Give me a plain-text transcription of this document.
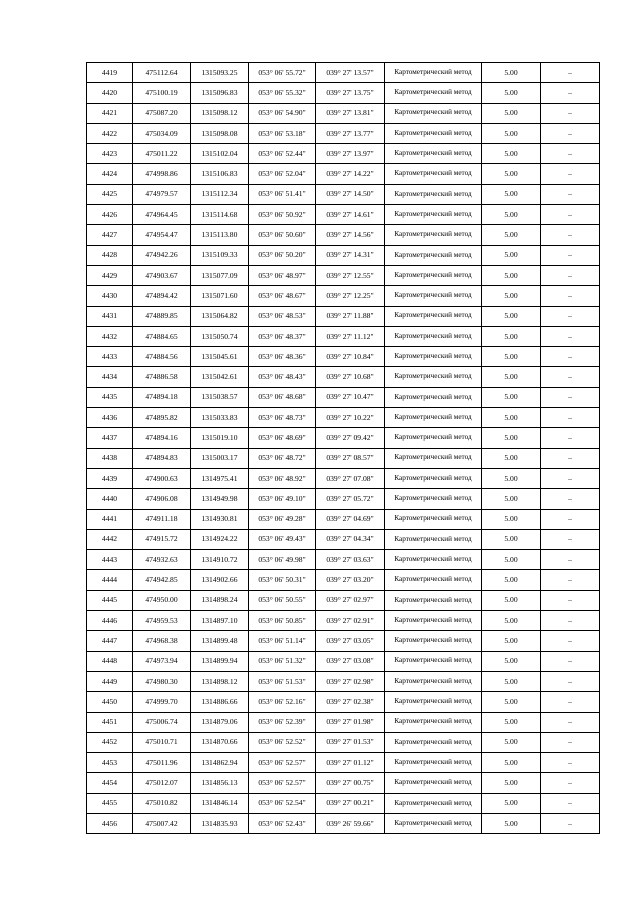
4419	475112.64	1315093.25	053° 06' 55.72"	039° 27' 13.57"	Картометрический метод	5.00	–
4420	475100.19	1315096.83	053° 06' 55.32"	039° 27' 13.75"	Картометрический метод	5.00	–
4421	475087.20	1315098.12	053° 06' 54.90"	039° 27' 13.81"	Картометрический метод	5.00	–
4422	475034.09	1315098.08	053° 06' 53.18"	039° 27' 13.77"	Картометрический метод	5.00	–
4423	475011.22	1315102.04	053° 06' 52.44"	039° 27' 13.97"	Картометрический метод	5.00	–
4424	474998.86	1315106.83	053° 06' 52.04"	039° 27' 14.22"	Картометрический метод	5.00	–
4425	474979.57	1315112.34	053° 06' 51.41"	039° 27' 14.50"	Картометрический метод	5.00	–
4426	474964.45	1315114.68	053° 06' 50.92"	039° 27' 14.61"	Картометрический метод	5.00	–
4427	474954.47	1315113.80	053° 06' 50.60"	039° 27' 14.56"	Картометрический метод	5.00	–
4428	474942.26	1315109.33	053° 06' 50.20"	039° 27' 14.31"	Картометрический метод	5.00	–
4429	474903.67	1315077.09	053° 06' 48.97"	039° 27' 12.55"	Картометрический метод	5.00	–
4430	474894.42	1315071.60	053° 06' 48.67"	039° 27' 12.25"	Картометрический метод	5.00	–
4431	474889.85	1315064.82	053° 06' 48.53"	039° 27' 11.88"	Картометрический метод	5.00	–
4432	474884.65	1315050.74	053° 06' 48.37"	039° 27' 11.12"	Картометрический метод	5.00	–
4433	474884.56	1315045.61	053° 06' 48.36"	039° 27' 10.84"	Картометрический метод	5.00	–
4434	474886.58	1315042.61	053° 06' 48.43"	039° 27' 10.68"	Картометрический метод	5.00	–
4435	474894.18	1315038.57	053° 06' 48.68"	039° 27' 10.47"	Картометрический метод	5.00	–
4436	474895.82	1315033.83	053° 06' 48.73"	039° 27' 10.22"	Картометрический метод	5.00	–
4437	474894.16	1315019.10	053° 06' 48.69"	039° 27' 09.42"	Картометрический метод	5.00	–
4438	474894.83	1315003.17	053° 06' 48.72"	039° 27' 08.57"	Картометрический метод	5.00	–
4439	474900.63	1314975.41	053° 06' 48.92"	039° 27' 07.08"	Картометрический метод	5.00	–
4440	474906.08	1314949.98	053° 06' 49.10"	039° 27' 05.72"	Картометрический метод	5.00	–
4441	474911.18	1314930.81	053° 06' 49.28"	039° 27' 04.69"	Картометрический метод	5.00	–
4442	474915.72	1314924.22	053° 06' 49.43"	039° 27' 04.34"	Картометрический метод	5.00	–
4443	474932.63	1314910.72	053° 06' 49.98"	039° 27' 03.63"	Картометрический метод	5.00	–
4444	474942.85	1314902.66	053° 06' 50.31"	039° 27' 03.20"	Картометрический метод	5.00	–
4445	474950.00	1314898.24	053° 06' 50.55"	039° 27' 02.97"	Картометрический метод	5.00	–
4446	474959.53	1314897.10	053° 06' 50.85"	039° 27' 02.91"	Картометрический метод	5.00	–
4447	474968.38	1314899.48	053° 06' 51.14"	039° 27' 03.05"	Картометрический метод	5.00	–
4448	474973.94	1314899.94	053° 06' 51.32"	039° 27' 03.08"	Картометрический метод	5.00	–
4449	474980.30	1314898.12	053° 06' 51.53"	039° 27' 02.98"	Картометрический метод	5.00	–
4450	474999.70	1314886.66	053° 06' 52.16"	039° 27' 02.38"	Картометрический метод	5.00	–
4451	475006.74	1314879.06	053° 06' 52.39"	039° 27' 01.98"	Картометрический метод	5.00	–
4452	475010.71	1314870.66	053° 06' 52.52"	039° 27' 01.53"	Картометрический метод	5.00	–
4453	475011.96	1314862.94	053° 06' 52.57"	039° 27' 01.12"	Картометрический метод	5.00	–
4454	475012.07	1314856.13	053° 06' 52.57"	039° 27' 00.75"	Картометрический метод	5.00	–
4455	475010.82	1314846.14	053° 06' 52.54"	039° 27' 00.21"	Картометрический метод	5.00	–
4456	475007.42	1314835.93	053° 06' 52.43"	039° 26' 59.66"	Картометрический метод	5.00	–
